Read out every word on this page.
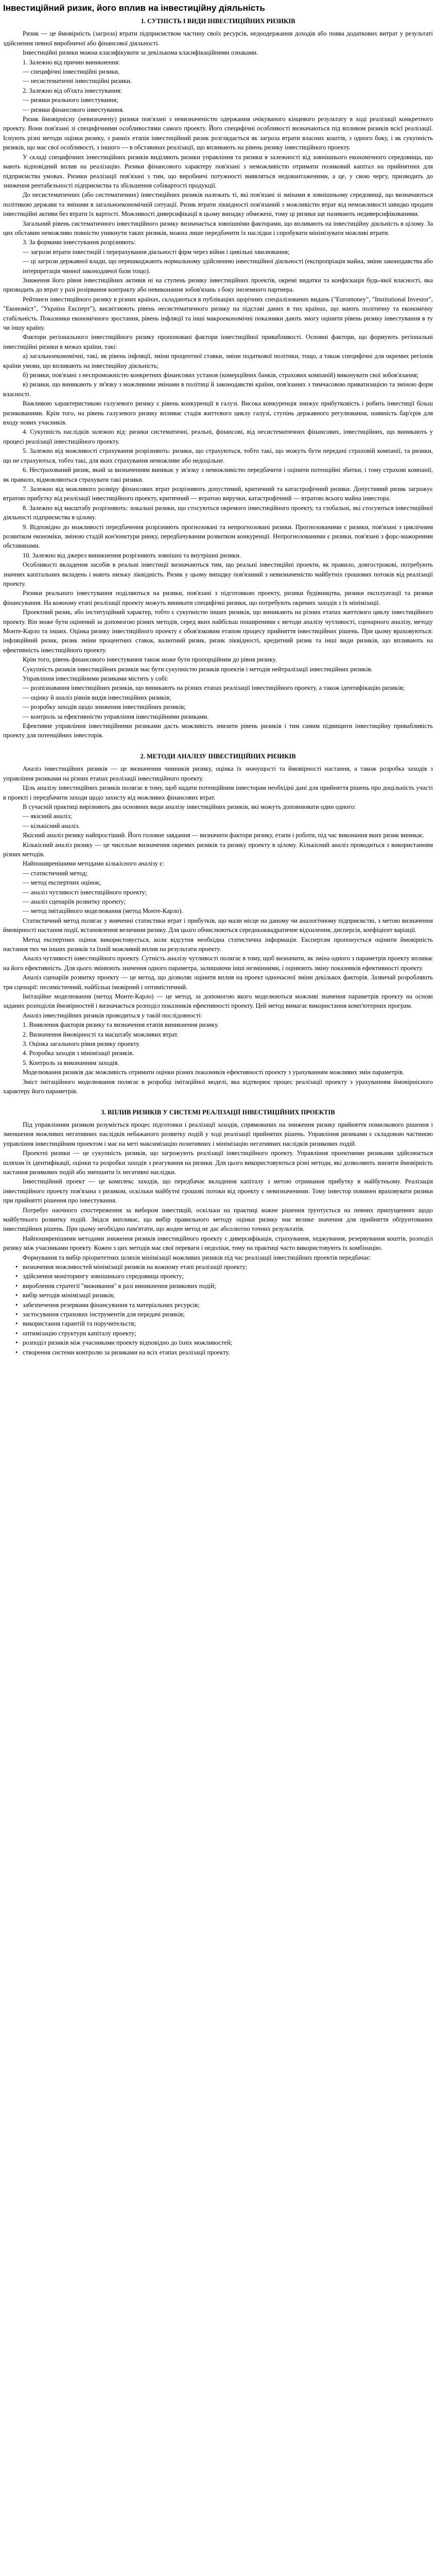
Інвестиційний ризик, його вплив на інвестиційну діяльність
1. СУТНІСТЬ І ВИДИ ІНВЕСТИЦІЙНИХ РИЗИКІВ
Ризик — це ймовірність (загроза) втрати підприємством частину своїх ресурсів, недоодержання доходів або поява додаткових витрат у результаті здійснення певної виробничої або фінансової діяльності.
Інвестиційні ризики можна класифікувати за декількома класифікаційними ознаками.
1. Залежно від причин виникнення:
— специфічні інвестиційні ризики,
— несистематичні інвестиційні ризики.
2. Залежно від об'єкта інвестування:
— ризики реального інвестування;
— ризики фінансового інвестування.
Ризик ймовірнісну (невизначену) ризики пов'язані з невизначеністю одержання очікуваного кінцевого результату в ході реалізації конкретного проекту. Вони пов'язані зі специфічними особливостями самого проекту. Його специфічні особливості визначаються під впливом ризиків всієї реалізації. Існують різні методи оцінки ризику, з ранніх етапів інвестиційний ризик розглядається як загроза втрати власних коштів, з одного боку, і як сукупність ризиків, що має свої особливості, з іншого — в обставинах реалізації, що впливають на рівень ризику інвестиційного проекту.
У складі специфічних інвестиційних ризиків виділяють ризики управління та ризики в залежності від зовнішнього економічного середовища, що мають відповідний вплив на реалізацію. Ризики фінансового характеру пов'язані з неможливістю отримати позиковий капітал на прийнятних для підприємства умовах. Ризики реалізації пов'язані з тим, що виробничі потужності виявляться недовантаженими, а це, у свою чергу, призводить до зниження рентабельності підприємства та збільшення собівартості продукції.
До несистематичних (або систематичних) інвестиційних ризиків належать ті, які пов'язані зі змінами в зовнішньому середовищі, що визначаються політикою держави та змінами в загальноекономічній ситуації. Ризик втрати ліквідності пов'язаний з можливістю втрат від неможливості швидко продати інвестиційні активи без втрати їх вартості. Можливості диверсифікації в цьому випадку обмежені, тому ці ризики ще називають недиверсифікованими.
Загальний рівень систематичного інвестиційного ризику визначається зовнішніми факторами, що впливають на інвестиційну діяльність в цілому. За цих обставин неможливо повністю уникнути таких ризиків, можна лише передбачити їх наслідки і спробувати мінімізувати можливі втрати.
3. За формами інвестування розрізняють:
— загрози втрати інвестицій і перерахування діяльності фірм через війни і цивільні хвилювання;
— ці загрози державної влади, що перешкоджають нормальному здійсненню інвестиційної діяльності (експропріація майна, зміни законодавства або інтерпретація чинної законодавчої бази тощо).
Зниження його рівня інвестиційних активів ні на ступень ризику інвестиційних проектів, окремі видатки та конфіскація будь-якої власності, яка призводить до втрат у разі розірвання контракту або невиконання зобов'язань з боку іноземного партнера.
Рейтинги інвестиційного ризику в різних країнах, складаються в публікаціях щорічних спеціалізованих видань ("Euromoney", "Institutional Investor", "Економіст", "Україна Експерт"), висвітлюють рівень несистематичного ризику на підставі даних в тих країнах, що мають політичну та економічну стабільність. Показники економічного зростання, рівень інфляції та інші макроекономічні показники дають змогу оцінити рівень ризику інвестування в ту чи іншу країну.
Фактори регіонального інвестиційного ризику пропоновані фактори інвестиційної привабливості. Основні фактори, що формують регіональні інвестиційні ризики в межах країни, такі:
а) загальноекономічні, такі, як рівень інфляції, зміни процентної ставки, зміни податкової політики, тощо, а також специфічні для окремих регіонів країни умови, що впливають на інвестиційну діяльність;
б) ризики, пов'язані з неспроможністю конкретних фінансових установ (комерційних банків, страхових компаній) виконувати свої зобов'язання;
в) ризики, що виникають у зв'язку з можливими змінами в політиці й законодавстві країни, пов'язаних з тимчасовою приватизацією та зміною форм власності.
Важливою характеристикою галузевого ризику є рівень конкуренції в галузі. Висока конкуренція знижує прибутковість і робить інвестиції більш ризикованими. Крім того, на рівень галузевого ризику впливає стадія життєвого циклу галузі, ступінь державного регулювання, наявність бар'єрів для входу нових учасників.
4. Сукупність наслідків залежно від: ризики систематичні, реальні, фінансові, від несистематичних фінансових, інвестиційних, що виникають у процесі реалізації інвестиційного проекту.
5. Залежно від можливості страхування розрізняють: ризики, що страхуються, тобто такі, що можуть бути передані страховій компанії, та ризики, що не страхуються, тобто такі, для яких страхування неможливе або недоцільне.
6. Нестрахований ризик, який за визначенням виникає у зв'язку з неможливістю передбачити і оцінити потенційні збитки, і тому страхові компанії, як правило, відмовляються страхувати такі ризики.
7. Залежно від можливого розміру фінансових втрат розрізняють допустимий, критичний та катастрофічний ризики. Допустимий ризик загрожує втратою прибутку від реалізації інвестиційного проекту, критичний — втратою виручки, катастрофічний — втратою всього майна інвестора.
8. Залежно від масштабу розрізняють: локальні ризики, що стосуються окремого інвестиційного проекту, та глобальні, які стосуються інвестиційної діяльності підприємства в цілому.
9. Відповідно до можливості передбачення розрізняють прогнозовані та непрогнозовані ризики. Прогнозованими є ризики, пов'язані з циклічним розвитком економіки, зміною стадій кон'юнктури ринку, передбачуваним розвитком конкуренції. Непрогнозованими є ризики, пов'язані з форс-мажорними обставинами.
10. Залежно від джерел виникнення розрізняють зовнішні та внутрішні ризики.
Особливості вкладення засобів в реальні інвестиції визначаються тим, що реальні інвестиційні проекти, як правило, довгострокові, потребують значних капітальних вкладень і мають низьку ліквідність. Ризик у цьому випадку пов'язаний з невизначеністю майбутніх грошових потоків від реалізації проекту.
Ризики реального інвестування поділяються на ризики, пов'язані з підготовкою проекту, ризики будівництва, ризики експлуатації та ризики фінансування. На кожному етапі реалізації проекту можуть виникати специфічні ризики, що потребують окремих заходів з їх мінімізації.
Проектний ризик, або інституційний характер, тобто є сукупністю інших ризиків, що виникають на різних етапах життєвого циклу інвестиційного проекту. Він може бути оцінений за допомогою різних методів, серед яких найбільш поширеними є методи аналізу чутливості, сценарного аналізу, методу Монте-Карло та інших. Оцінка ризику інвестиційного проекту є обов'язковим етапом процесу прийняття інвестиційних рішень. При цьому враховуються: інфляційний ризик, ризик зміни процентних ставок, валютний ризик, ризик ліквідності, кредитний ризик та інші види ризиків, що впливають на ефективність інвестиційного проекту.
Крім того, рівень фінансового інвестування також може бути пропорційним до рівня ризику.
Сукупність ризиків інвестиційних ризиків має бути сукупністю ризиків проектів і методів нейтралізації інвестиційних ризиків.
Управління інвестиційними ризиками містить у собі:
— розпізнавання інвестиційних ризиків, що виникають на різних етапах реалізації інвестиційного проекту, а також ідентифікацію ризиків;
— оцінку й аналіз рівнів видів інвестиційних ризиків;
— розробку заходів щодо зниження інвестиційних ризиків;
— контроль за ефективністю управління інвестиційними ризиками.
Ефективне управління інвестиційними ризиками дасть можливість знизити рівень ризиків і тим самим підвищити інвестиційну привабливість проекту для потенційних інвесторів.
2. МЕТОДИ АНАЛІЗУ ІНВЕСТИЦІЙНИХ РИЗИКІВ
Аналіз інвестиційних ризиків — це визначення чинників ризику, оцінка їх значущості та ймовірності настання, а також розробка заходів з управління ризиками на різних етапах реалізації інвестиційного проекту.
Ціль аналізу інвестиційних ризиків полягає в тому, щоб надати потенційним інвесторам необхідні дані для прийняття рішень про доцільність участі в проекті і передбачити заходи щодо захисту від можливих фінансових втрат.
В сучасній практиці вирізняють два основних види аналізу інвестиційних ризиків, які можуть доповнювати один одного:
— якісний аналіз;
— кількісний аналіз.
Якісний аналіз ризику найпростіший. Його головне завдання — визначити фактори ризику, етапи і роботи, під час виконання яких ризик виникає.
Кількісний аналіз ризику — це чисельне визначення окремих ризиків та ризику проекту в цілому. Кількісний аналіз проводиться з використанням різних методів.
Найпоширенішими методами кількісного аналізу є:
— статистичний метод;
— метод експертних оцінок;
— аналіз чутливості інвестиційного проекту;
— аналіз сценаріїв розвитку проекту;
— метод імітаційного моделювання (метод Монте-Карло).
Статистичний метод полягає у вивченні статистики втрат і прибутків, що мали місце на даному чи аналогічному підприємстві, з метою визначення ймовірності настання події, встановлення величини ризику. Для цього обчислюються середньоквадратичне відхилення, дисперсія, коефіцієнт варіації.
Метод експертних оцінок використовується, коли відсутня необхідна статистична інформація. Експертам пропонується оцінити ймовірність настання тих чи інших ризиків та їхній можливий вплив на результати проекту.
Аналіз чутливості інвестиційного проекту. Сутність аналізу чутливості полягає в тому, щоб визначити, як зміна одного з параметрів проекту впливає на його ефективність. Для цього змінюють значення одного параметра, залишаючи інші незмінними, і оцінюють зміну показників ефективності проекту.
Аналіз сценаріїв розвитку проекту — це метод, що дозволяє оцінити вплив на проект одночасної зміни декількох факторів. Зазвичай розробляють три сценарії: песимістичний, найбільш імовірний і оптимістичний.
Імітаційне моделювання (метод Монте-Карло) — це метод, за допомогою якого моделюються можливі значення параметрів проекту на основі заданих розподілів ймовірностей і визначається розподіл показників ефективності проекту. Цей метод вимагає використання комп'ютерних програм.
Аналіз інвестиційних ризиків проводиться у такій послідовності:
1. Виявлення факторів ризику та визначення етапів виникнення ризику.
2. Визначення ймовірності та масштабу можливих втрат.
3. Оцінка загального рівня ризику проекту.
4. Розробка заходів з мінімізації ризиків.
5. Контроль за виконанням заходів.
Моделювання ризиків дає можливість отримати оцінки різних показників ефективності проекту з урахуванням можливих змін параметрів.
Зміст імітаційного моделювання полягає в розробці імітаційної моделі, яка відтворює процес реалізації проекту з урахуванням ймовірнісного характеру його параметрів.
3. ВПЛИВ РИЗИКІВ У СИСТЕМІ РЕАЛІЗАЦІЇ ІНВЕСТИЦІЙНИХ ПРОЕКТІВ
Під управлінням ризиком розуміється процес підготовки і реалізації заходів, спрямованих на зниження ризику прийняття помилкового рішення і зменшення можливих негативних наслідків небажаного розвитку подій у ході реалізації прийнятих рішень. Управління ризиками є складовою частиною управління інвестиційним проектом і має на меті максимізацію позитивних і мінімізацію негативних наслідків ризикових подій.
Проектні ризики — це сукупність ризиків, що загрожують реалізації інвестиційного проекту. Управління проектними ризиками здійснюється шляхом їх ідентифікації, оцінки та розробки заходів з реагування на ризики. Для цього використовуються різні методи, які дозволяють знизити ймовірність настання ризикових подій або зменшити їх негативні наслідки.
Інвестиційний проект — це комплекс заходів, що передбачає вкладення капіталу з метою отримання прибутку в майбутньому. Реалізація інвестиційного проекту пов'язана з ризиком, оскільки майбутні грошові потоки від проекту є невизначеними. Тому інвестор повинен враховувати ризики при прийнятті рішення про інвестування.
Потребує наочного спостереження за вибором інвестицій, оскільки на практиці кожне рішення ґрунтується на певних припущеннях щодо майбутнього розвитку подій. Звідси випливає, що вибір правильного методу оцінки ризику має велике значення для прийняття обґрунтованих інвестиційних рішень. При цьому необхідно пам'ятати, що жоден метод не дає абсолютно точних результатів.
Найпоширенішими методами зниження ризиків інвестиційного проекту є диверсифікація, страхування, хеджування, резервування коштів, розподіл ризику між учасниками проекту. Кожен з цих методів має свої переваги і недоліки, тому на практиці часто використовують їх комбінацію.
Формування та вибір пріоритетних шляхів мінімізації можливих ризиків під час реалізації інвестиційних проектів передбачає:
• визначення можливостей мінімізації ризиків на кожному етапі реалізації проекту;
• здійснення моніторингу зовнішнього середовища проекту;
• вироблення стратегії "виживання" в разі виникнення ризикових подій;
• вибір методів мінімізації ризиків;
• забезпечення резервами фінансування та матеріальних ресурсів;
• застосування страхових інструментів для передачі ризиків;
• використання гарантій та поручительств;
• оптимізацію структури капіталу проекту;
• розподіл ризиків між учасниками проекту відповідно до їхніх можливостей;
• створення системи контролю за ризиками на всіх етапах реалізації проекту.
